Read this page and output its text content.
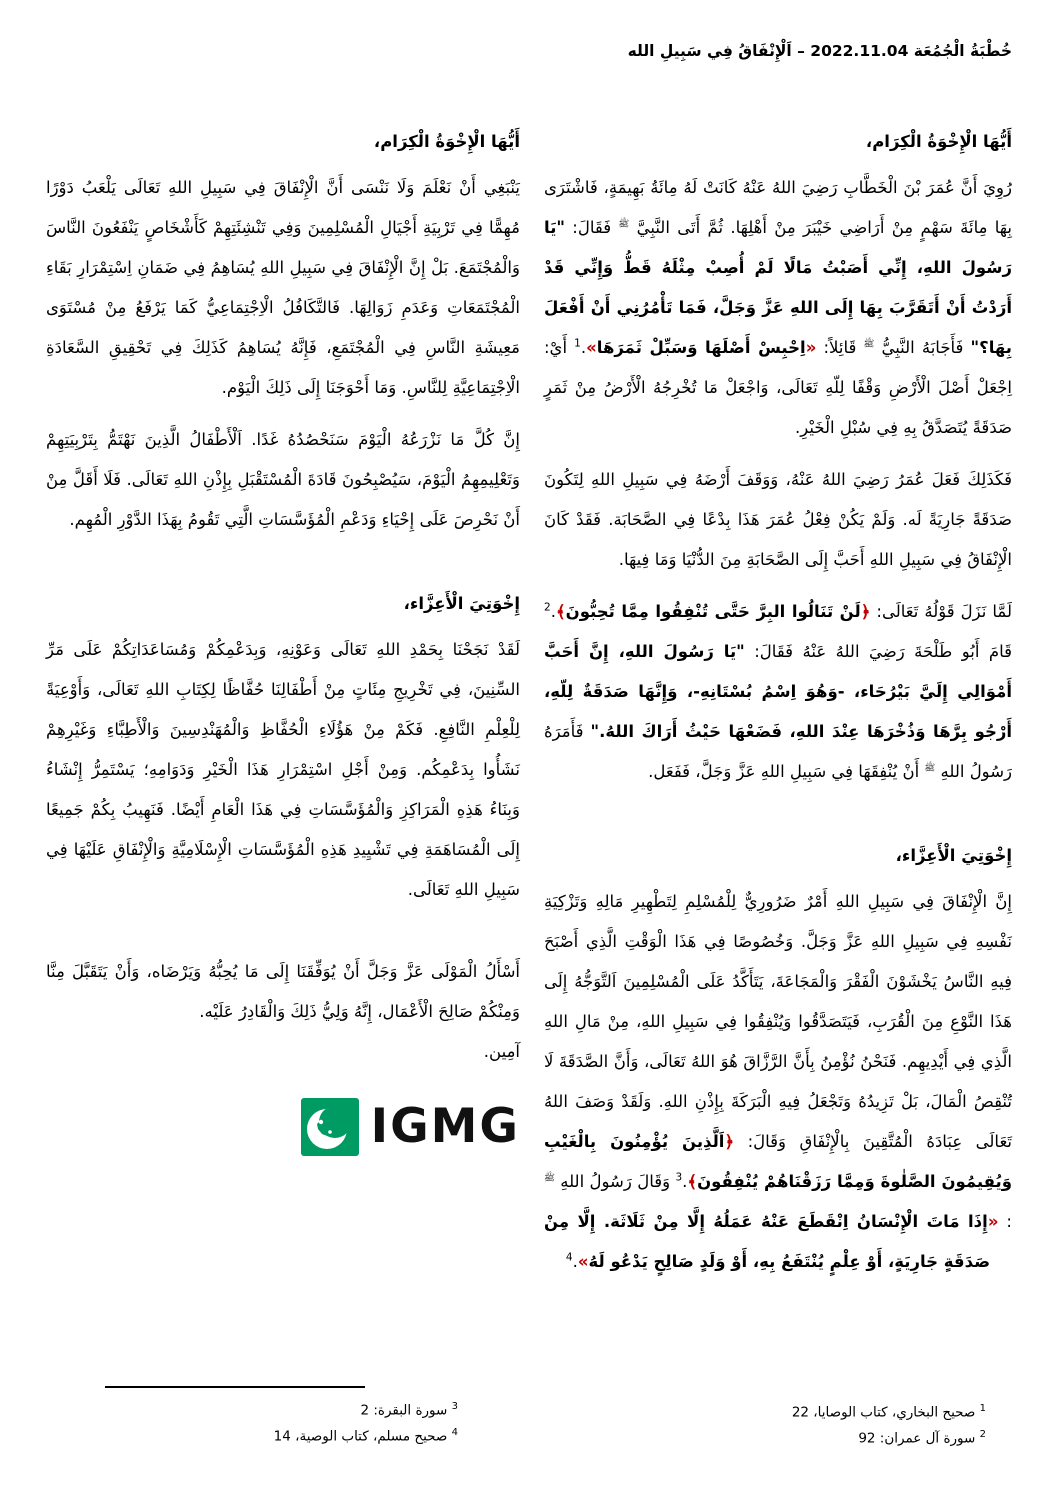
خُطْبَةُ الْجُمُعَة 2022.11.04 – اَلْإِنْفَاقُ فِي سَبِيلِ الله
أَيُّهَا الْإِخْوَةُ الْكِرَام،
رُوِيَ أَنَّ عُمَرَ بْنَ الْخَطَّابِ رَضِيَ اللهُ عَنْهُ كَانَتْ لَهُ مِائَةُ بَهِيمَةٍ، فَاشْتَرَى بِهَا مِائَةَ سَهْمٍ مِنْ أَرَاضِي خَيْبَرَ مِنْ أَهْلِهَا. ثُمَّ أَتَى النَّبِيَّ $^ﷺ$ فَقَالَ: "يَا رَسُولَ اللهِ، إِنِّي أَصَبْتُ مَالًا لَمْ أُصِبْ مِثْلَهُ قَطُّ وَإِنِّي قَدْ أَرَدْتُ أَنْ أَتَقَرَّبَ بِهَا إِلَى اللهِ عَزَّ وَجَلَّ، فَمَا تَأْمُرُنِي أَنْ أَفْعَلَ بِهَا؟" فَأَجَابَهُ النَّبِيُّ $^ﷺ$ قَائِلاً: «اِحْبِسْ أَصْلَهَا وَسَبِّلْ ثَمَرَهَا».$^1$ أَيْ: اِجْعَلْ أَصْلَ الْأَرْضِ وَقْفًا لِلّهِ تَعَالَى، وَاجْعَلْ مَا تُخْرِجُهُ الْأَرْضُ مِنْ ثَمَرٍ صَدَقَةً يُتَصَدَّقُ بِهِ فِي سُبْلِ الْخَيْرِ.
فَكَذَلِكَ فَعَلَ عُمَرُ رَضِيَ اللهُ عَنْهُ، وَوَقَفَ أَرْضَهُ فِي سَبِيلِ اللهِ لِتَكُونَ صَدَقَةً جَارِيَةً لَه. وَلَمْ يَكُنْ فِعْلُ عُمَرَ هَذَا بِدْعًا فِي الصَّحَابَة. فَقَدْ كَانَ الْإِنْفَاقُ فِي سَبِيلِ اللهِ أَحَبَّ إِلَى الصَّحَابَةِ مِنَ الدُّنْيَا وَمَا فِيهَا.
لَمَّا نَزَلَ قَوْلُهُ تَعَالَى: ﴿لَنْ تَنَالُوا البِرَّ حَتَّى تُنْفِقُوا مِمَّا تُحِبُّونَ﴾.$^2$ قَامَ أَبُو طَلْحَةَ رَضِيَ اللهُ عَنْهُ فَقَالَ: "يَا رَسُولَ اللهِ، إِنَّ أَحَبَّ أَمْوَالِي إِلَيَّ بَيْرُحَاء، -وَهُوَ اِسْمُ بُسْتَانِهِ-، وَإِنَّهَا صَدَقَةٌ لِلّهِ، أَرْجُو بِرَّهَا وَذُخْرَهَا عِنْدَ اللهِ، فَضَعْهَا حَيْثُ أَرَاكَ اللهُ." فَأَمَرَهُ رَسُولُ اللهِ $^ﷺ$ أَنْ يُنْفِقَهَا فِي سَبِيلِ اللهِ عَزَّ وَجَلَّ، فَفَعَل.
إِخْوَتِيَ الْأَعِزَّاء،
إِنَّ الْإِنْفَاقَ فِي سَبِيلِ اللهِ أَمْرٌ ضَرُورِيٌّ لِلْمُسْلِمِ لِتَطْهِيرِ مَالِهِ وَتَزْكِيَةِ نَفْسِهِ فِي سَبِيلِ اللهِ عَزَّ وَجَلَّ. وَخُصُوصًا فِي هَذَا الْوَقْتِ الَّذِي أَصْبَحَ فِيهِ النَّاسُ يَخْشَوْنَ الْفَقْرَ وَالْمَجَاعَةَ، يَتَأَكَّدُ عَلَى الْمُسْلِمِينَ اَلتَّوَجُّهُ إِلَى هَذَا النَّوْعِ مِنَ الْقُرَبِ، فَيَتَصَدَّقُوا وَيُنْفِقُوا فِي سَبِيلِ اللهِ، مِنْ مَالِ اللهِ الَّذِي فِي أَيْدِيهِم. فَنَحْنُ نُؤْمِنُ بِأَنَّ الرَّزَّاقَ هُوَ اللهُ تَعَالَى، وَأَنَّ الصَّدَقَةَ لَا تُنْقِصُ الْمَالَ، بَلْ تَزِيدُهُ وَتَجْعَلُ فِيهِ الْبَرَكَةَ بِإِذْنِ اللهِ. وَلَقَدْ وَصَفَ اللهُ تَعَالَى عِبَادَهُ الْمُتَّقِينَ بِالْإِنْفَاقِ وَقَالَ: ﴿اَلَّذِينَ يُؤْمِنُونَ بِالْغَيْبِ وَيُقِيمُونَ الصَّلٰوةَ وَمِمَّا رَزَقْنَاهُمْ يُنْفِقُونَ﴾.$^3$ وَقَالَ رَسُولُ اللهِ $^ﷺ$ : «إِذَا مَاتَ الْإِنْسَانُ اِنْقَطَعَ عَنْهُ عَمَلُهُ إِلَّا مِنْ ثَلَاثَة. إِلَّا مِنْ صَدَقَةٍ جَارِيَةٍ، أَوْ عِلْمٍ يُنْتَفَعُ بِهِ، أَوْ وَلَدٍ صَالِحٍ يَدْعُو لَهُ».$^4$
أَيُّهَا الْإِخْوَةُ الْكِرَام،
يَنْبَغِي أَنْ نَعْلَمَ وَلَا نَنْسَى أَنَّ الْإِنْفَاقَ فِي سَبِيلِ اللهِ تَعَالَى يَلْعَبُ دَوْرًا مُهِمًّا فِي تَرْبِيَةِ أَجْيَالِ الْمُسْلِمِينَ وَفِي تَنْشِئَتِهِمْ كَأَشْخَاصٍ يَنْفَعُونَ النَّاسَ وَالْمُجْتَمَعَ. بَلْ إِنَّ الْإِنْفَاقَ فِي سَبِيلِ اللهِ يُسَاهِمُ فِي ضَمَانِ اِسْتِمْرَارِ بَقَاءِ الْمُجْتَمَعَاتِ وَعَدَمِ زَوَالِهَا. فَالتَّكَافُلُ الْاِجْتِمَاعِيُّ كَمَا يَرْفَعُ مِنْ مُسْتَوَى مَعِيشَةِ النَّاسِ فِي الْمُجْتَمَعِ، فَإِنَّهُ يُسَاهِمُ كَذَلِكَ فِي تَحْقِيقِ السَّعَادَةِ الْاِجْتِمَاعِيَّةِ لِلنَّاسِ. وَمَا أَحْوَجَنَا إِلَى ذَلِكَ الْيَوْم.
إِنَّ كُلَّ مَا نَزْرَعُهُ الْيَوْمَ سَنَحْصُدُهُ غَدًا. اَلْأَطْفَالُ الَّذِينَ نَهْتَمُّ بِتَرْبِيَتِهِمْ وَتَعْلِيمِهِمُ الْيَوْمَ، سَيُصْبِحُونَ قَادَةَ الْمُسْتَقْبَلِ بِإِذْنِ اللهِ تَعَالَى. فَلَا أَقَلَّ مِنْ أَنْ نَحْرِصَ عَلَى إِحْيَاءِ وَدَعْمِ الْمُؤَسَّسَاتِ الَّتِي تَقُومُ بِهَذَا الدَّوْرِ الْمُهِم.
إِخْوَتِيَ الْأَعِزَّاء،
لَقَدْ نَجَحْنَا بِحَمْدِ اللهِ تَعَالَى وَعَوْنِهِ، وَبِدَعْمِكُمْ وَمُسَاعَدَاتِكُمْ عَلَى مَرِّ السِّنِينَ، فِي تَخْرِيجِ مِئَاتٍ مِنْ أَطْفَالِنَا حُفَّاظًا لِكِتَابِ اللهِ تَعَالَى، وَأَوْعِيَةً لِلْعِلْمِ النَّافِعِ. فَكَمْ مِنْ هَؤُلَاءِ الْحُفَّاظِ وَالْمُهَنْدِسِينَ وَالْأَطِبَّاءِ وَغَيْرِهِمْ نَشَأُوا بِدَعْمِكُم. وَمِنْ أَجْلِ اسْتِمْرَارِ هَذَا الْخَيْرِ وَدَوَامِهِ؛ يَسْتَمِرُّ إِنْشَاءُ وَبِنَاءُ هَذِهِ الْمَرَاكِزِ وَالْمُؤَسَّسَاتِ فِي هَذَا الْعَامِ أَيْضًا. فَنَهِيبُ بِكُمْ جَمِيعًا إِلَى الْمُسَاهَمَةِ فِي تَشْيِيدِ هَذِهِ الْمُؤَسَّسَاتِ الْإِسْلَامِيَّةِ وَالْإِنْفَاقِ عَلَيْهَا فِي سَبِيلِ اللهِ تَعَالَى.
أَسْأَلُ الْمَوْلَى عَزَّ وَجَلَّ أَنْ يُوَفِّقَنَا إِلَى مَا يُحِبُّهُ وَيَرْضَاه، وَأَنْ يَتَقَبَّلَ مِنَّا وَمِنْكُمْ صَالِحَ الْأَعْمَال، إِنَّهُ وَلِيُّ ذَلِكَ وَالْقَادِرُ عَلَيْه.
آمِين.
IGMG
$^1$ صحيح البخاري، كتاب الوصايا، 22
$^2$ سورة آل عمران: 92
$^3$ سورة البقرة: 2
$^4$ صحيح مسلم، كتاب الوصية، 14
